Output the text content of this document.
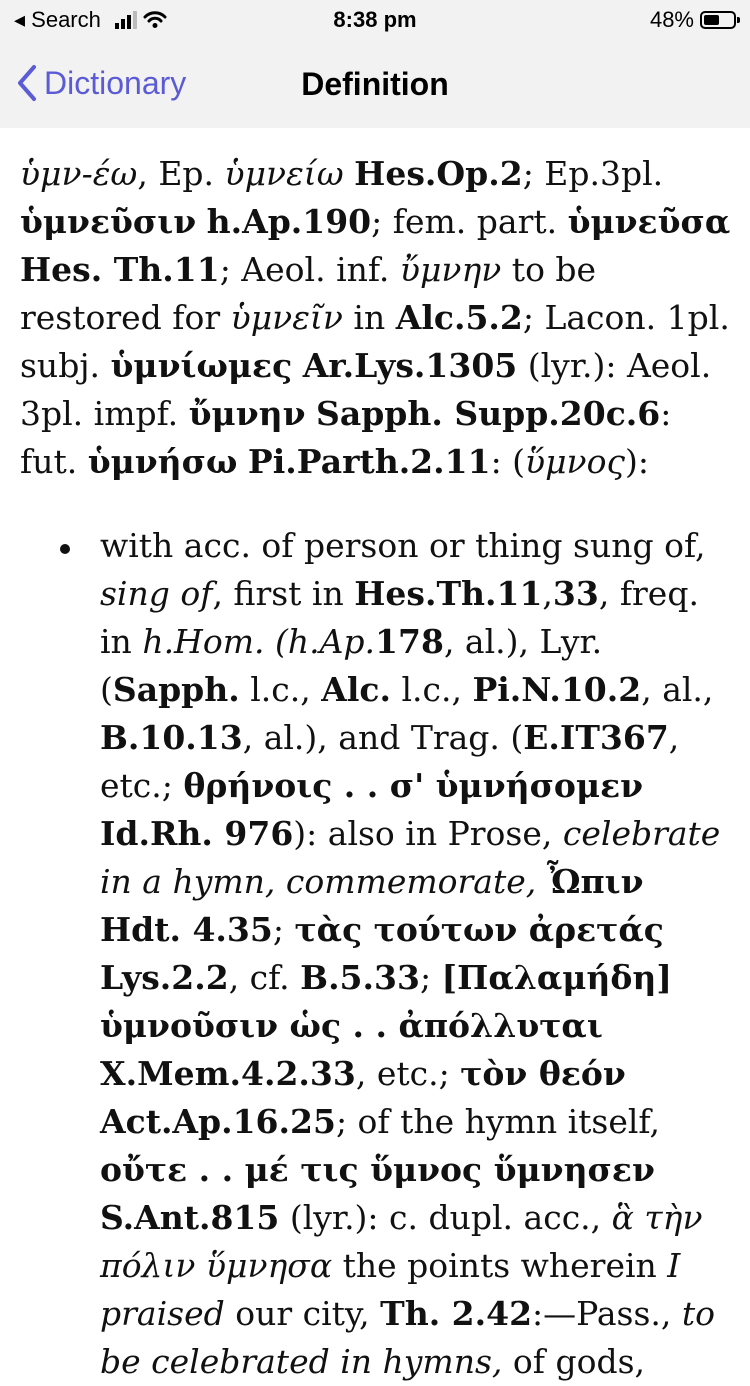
◂ Search	8:38 pm	48%
Dictionary	Definition

ὑμν-έω, Ep. ὑμνείω Hes.Op.2; Ep.3pl. ὑμνεῦσιν h.Ap.190; fem. part. ὑμνεῦσα Hes. Th.11; Aeol. inf. ὔμνην to be restored for ὑμνεῖν in Alc.5.2; Lacon. 1pl. subj. ὑμνίωμες Ar.Lys.1305 (lyr.): Aeol. 3pl. impf. ὔμνην Sapph. Supp.20c.6: fut. ὑμνήσω Pi.Parth.2.11: (ὕμνος):

with acc. of person or thing sung of, sing of, first in Hes.Th.11,33, freq. in h.Hom. (h.Ap.178, al.), Lyr. (Sapph. l.c., Alc. l.c., Pi.N.10.2, al., B.10.13, al.), and Trag. (E.IT367, etc.; θρήνοις . . σ' ὑμνήσομεν Id.Rh. 976): also in Prose, celebrate in a hymn, commemorate, Ὦπιν Hdt. 4.35; τὰς τούτων ἀρετάς Lys.2.2, cf. B.5.33; [Παλαμήδη] ὑμνοῦσιν ὡς . . ἀπόλλυται X.Mem.4.2.33, etc.; τὸν θεόν Act.Ap.16.25; of the hymn itself, οὔτε . . μέ τις ὕμνος ὕμνησεν S.Ant.815 (lyr.): c. dupl. acc., ἃ τὴν πόλιν ὕμνησα the points wherein I praised our city, Th. 2.42:—Pass., to be celebrated in hymns, of gods,
